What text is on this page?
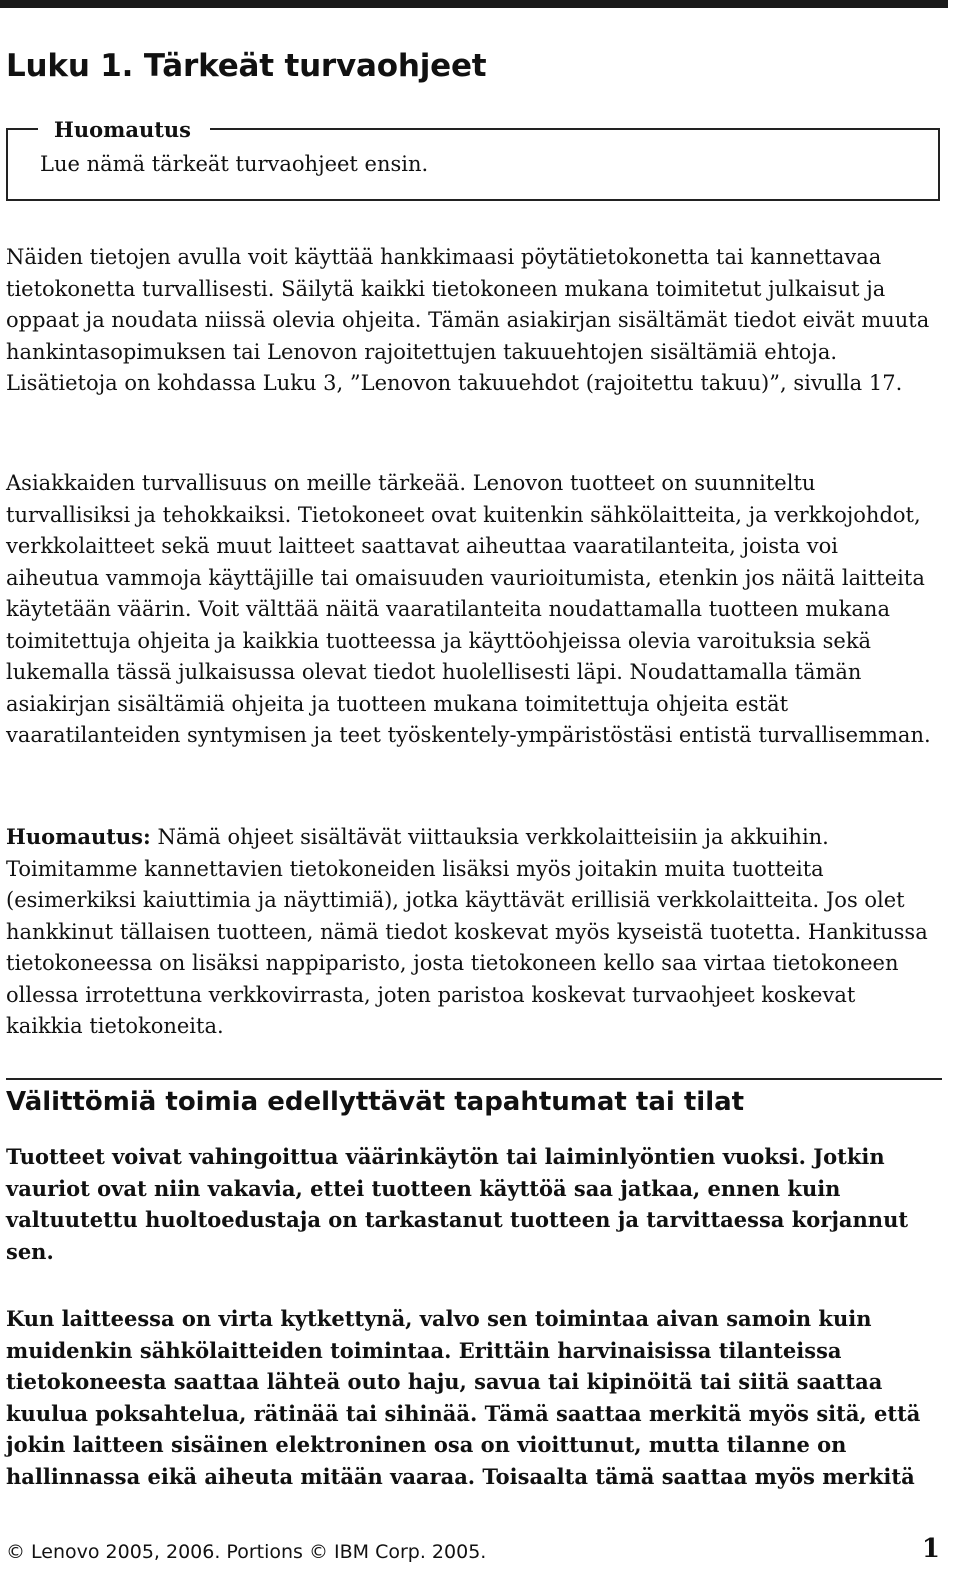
Luku 1. Tärkeät turvaohjeet
Huomautus
Lue nämä tärkeät turvaohjeet ensin.

Näiden tietojen avulla voit käyttää hankkimaasi pöytätietokonetta tai kannettavaa tietokonetta turvallisesti. Säilytä kaikki tietokoneen mukana toimitetut julkaisut ja oppaat ja noudata niissä olevia ohjeita. Tämän asiakirjan sisältämät tiedot eivät muuta hankintasopimuksen tai Lenovon rajoitettujen takuuehtojen sisältämiä ehtoja. Lisätietoja on kohdassa Luku 3, ”Lenovon takuuehdot (rajoitettu takuu)”, sivulla 17.

Asiakkaiden turvallisuus on meille tärkeää. Lenovon tuotteet on suunniteltu turvallisiksi ja tehokkaiksi. Tietokoneet ovat kuitenkin sähkölaitteita, ja verkkojohdot, verkkolaitteet sekä muut laitteet saattavat aiheuttaa vaaratilanteita, joista voi aiheutua vammoja käyttäjille tai omaisuuden vaurioitumista, etenkin jos näitä laitteita käytetään väärin. Voit välttää näitä vaaratilanteita noudattamalla tuotteen mukana toimitettuja ohjeita ja kaikkia tuotteessa ja käyttöohjeissa olevia varoituksia sekä lukemalla tässä julkaisussa olevat tiedot huolellisesti läpi. Noudattamalla tämän asiakirjan sisältämiä ohjeita ja tuotteen mukana toimitettuja ohjeita estät vaaratilanteiden syntymisen ja teet työskentely-ympäristöstäsi entistä turvallisemman.

Huomautus: Nämä ohjeet sisältävät viittauksia verkkolaitteisiin ja akkuihin. Toimitamme kannettavien tietokoneiden lisäksi myös joitakin muita tuotteita (esimerkiksi kaiuttimia ja näyttimiä), jotka käyttävät erillisiä verkkolaitteita. Jos olet hankkinut tällaisen tuotteen, nämä tiedot koskevat myös kyseistä tuotetta. Hankitussa tietokoneessa on lisäksi nappiparisto, josta tietokoneen kello saa virtaa tietokoneen ollessa irrotettuna verkkovirrasta, joten paristoa koskevat turvaohjeet koskevat kaikkia tietokoneita.

Välittömiä toimia edellyttävät tapahtumat tai tilat

Tuotteet voivat vahingoittua väärinkäytön tai laiminlyöntien vuoksi. Jotkin vauriot ovat niin vakavia, ettei tuotteen käyttöä saa jatkaa, ennen kuin valtuutettu huoltoedustaja on tarkastanut tuotteen ja tarvittaessa korjannut sen.

Kun laitteessa on virta kytkettynä, valvo sen toimintaa aivan samoin kuin muidenkin sähkölaitteiden toimintaa. Erittäin harvinaisissa tilanteissa tietokoneesta saattaa lähteä outo haju, savua tai kipinöitä tai siitä saattaa kuulua poksahtelua, rätinää tai sihinää. Tämä saattaa merkitä myös sitä, että jokin laitteen sisäinen elektroninen osa on vioittunut, mutta tilanne on hallinnassa eikä aiheuta mitään vaaraa. Toisaalta tämä saattaa myös merkitä

© Lenovo 2005, 2006. Portions © IBM Corp. 2005.	1
